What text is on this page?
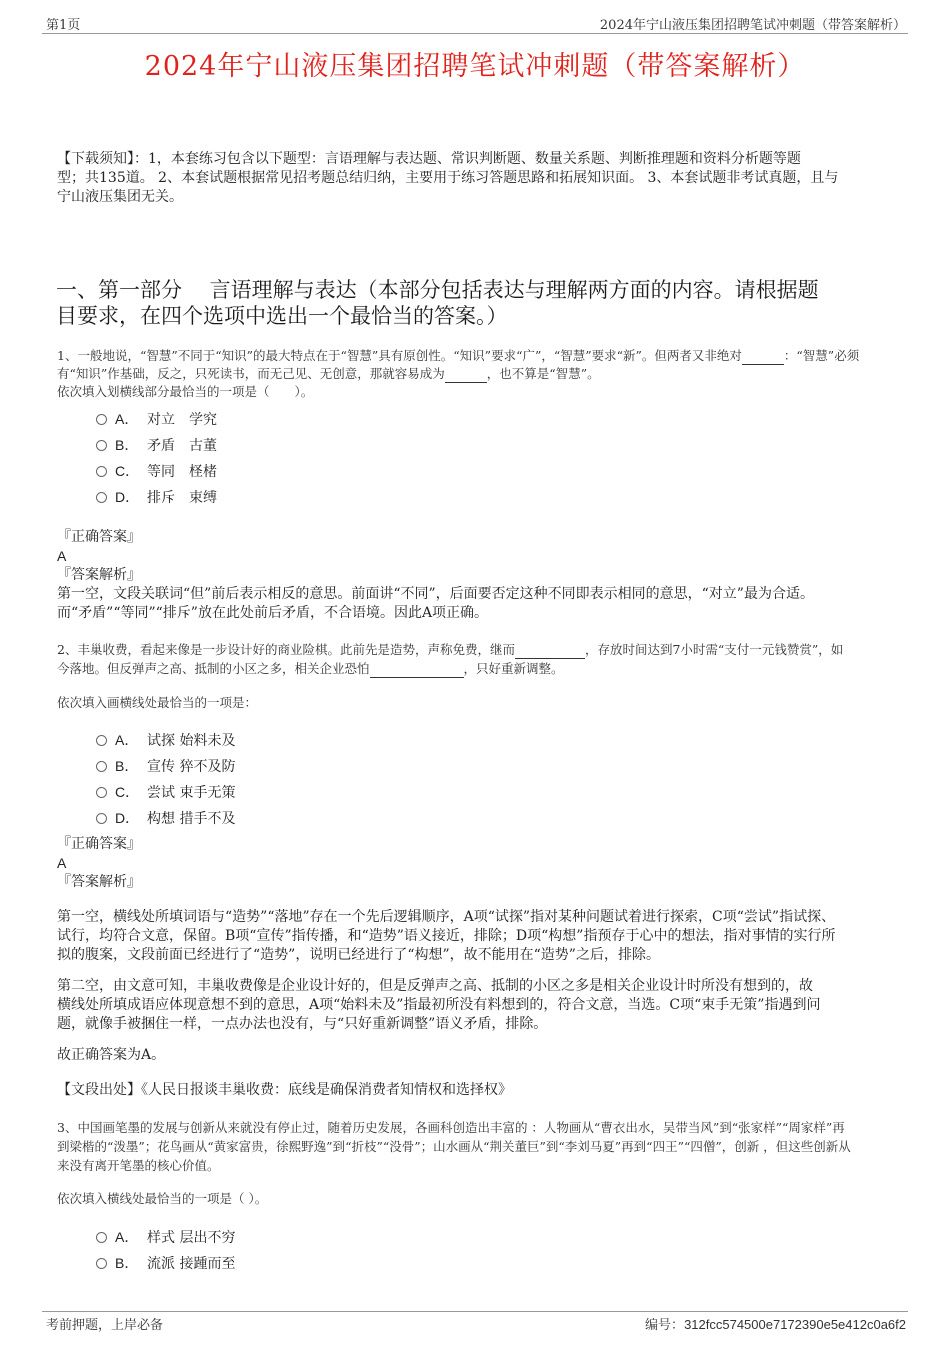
第1页	2024年宁山液压集团招聘笔试冲刺题（带答案解析）
2024年宁山液压集团招聘笔试冲刺题（带答案解析）
【下载须知】：1，本套练习包含以下题型：言语理解与表达题、常识判断题、数量关系题、判断推理题和资料分析题等题
型；共135道。 2、本套试题根据常见招考题总结归纳，主要用于练习答题思路和拓展知识面。 3、本套试题非考试真题，且与
宁山液压集团无关。
一、第一部分　 言语理解与表达（本部分包括表达与理解两方面的内容。请根据题
目要求，在四个选项中选出一个最恰当的答案。）
1、一般地说，“智慧”不同于“知识”的最大特点在于“智慧”具有原创性。“知识”要求“广”，“智慧”要求“新”。但两者又非绝对	：“智慧”必须
有“知识”作基础，反之，只死读书，而无己见、无创意，那就容易成为	，也不算是“智慧”。
依次填入划横线部分最恰当的一项是（　　）。
A． 对立　学究
B． 矛盾　古董
C． 等同　柽楮
D． 排斥　束缚
『正确答案』
A
『答案解析』
第一空，文段关联词“但”前后表示相反的意思。前面讲“不同”，后面要否定这种不同即表示相同的意思，“对立”最为合适。
而“矛盾”“等同”“排斥”放在此处前后矛盾，不合语境。因此A项正确。
2、丰巢收费，看起来像是一步设计好的商业险棋。此前先是造势，声称免费，继而	，存放时间达到7小时需“支付一元钱赞赏”，如
今落地。但反弹声之高、抵制的小区之多，相关企业恐怕	，只好重新调整。
依次填入画横线处最恰当的一项是：
A． 试探 始料未及
B． 宣传 猝不及防
C． 尝试 束手无策
D． 构想 措手不及
『正确答案』
A
『答案解析』
第一空，横线处所填词语与“造势”“落地”存在一个先后逻辑顺序，A项“试探”指对某种问题试着进行探索，C项“尝试”指试探、
试行，均符合文意，保留。B项“宣传”指传播，和“造势”语义接近，排除；D项“构想”指预存于心中的想法，指对事情的实行所
拟的腹案，文段前面已经进行了“造势”，说明已经进行了“构想”，故不能用在“造势”之后，排除。
第二空，由文意可知，丰巢收费像是企业设计好的，但是反弹声之高、抵制的小区之多是相关企业设计时所没有想到的，故
横线处所填成语应体现意想不到的意思，A项“始料未及”指最初所没有料想到的，符合文意，当选。C项“束手无策”指遇到问
题，就像手被捆住一样，一点办法也没有，与“只好重新调整”语义矛盾，排除。
故正确答案为A。
【文段出处】《人民日报谈丰巢收费：底线是确保消费者知情权和选择权》
3、中国画笔墨的发展与创新从来就没有停止过，随着历史发展，各画科创造出丰富的 ：人物画从“曹衣出水，吴带当风”到“张家样”“周家样”再
到梁楷的“泼墨”；花鸟画从“黄家富贵，徐熙野逸”到“折枝”“没骨”；山水画从“荆关董巨”到“李刘马夏”再到“四王”“四僧”，创新 ，但这些创新从
来没有离开笔墨的核心价值。
依次填入横线处最恰当的一项是（ ）。
A． 样式 层出不穷
B． 流派 接踵而至
考前押题，上岸必备	编号：312fcc574500e7172390e5e412c0a6f2
